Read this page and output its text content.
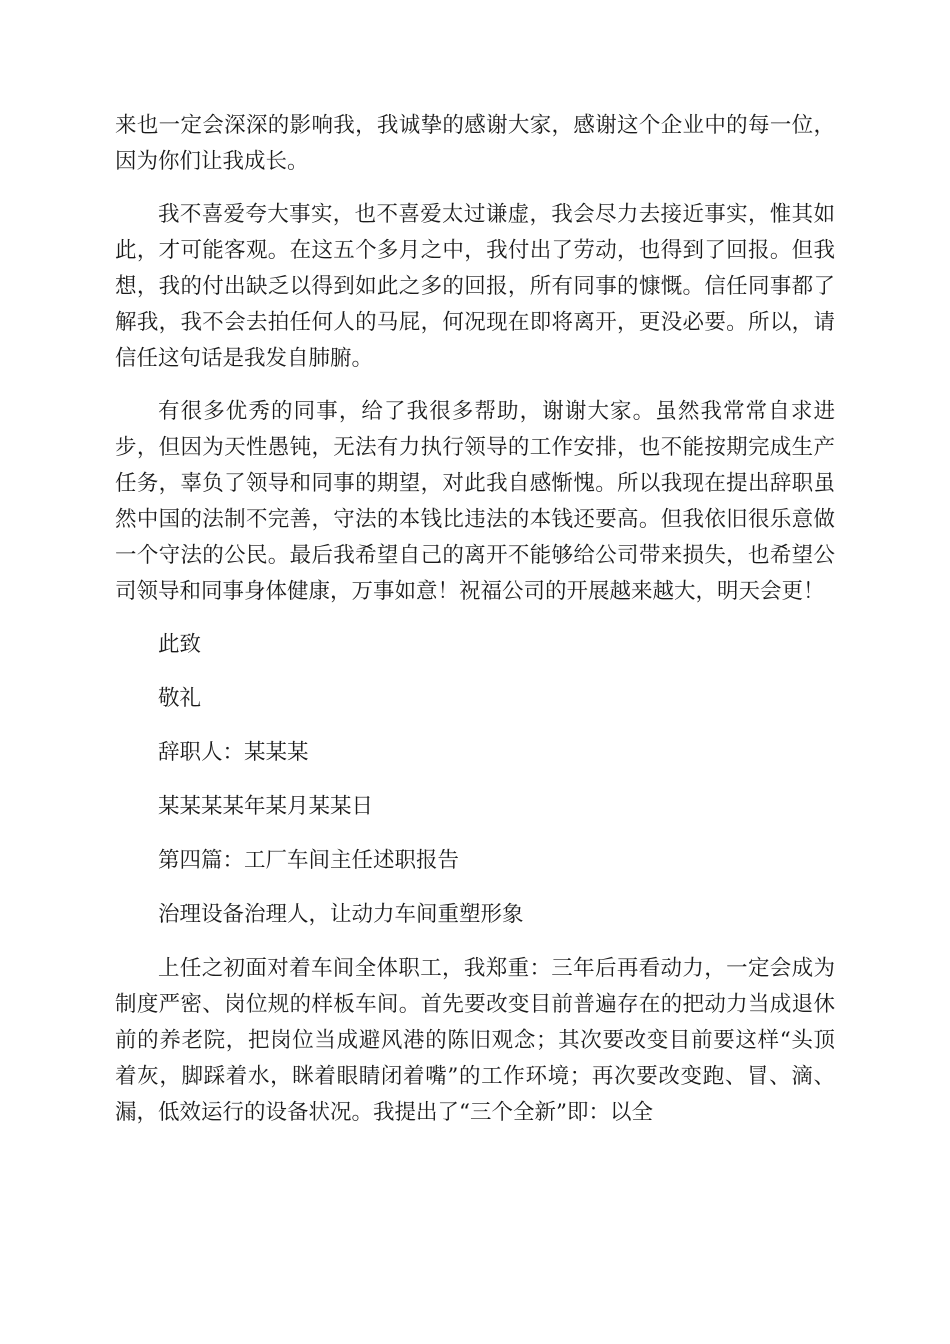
来也一定会深深的影响我，我诚挚的感谢大家，感谢这个企业中的每一位，因为你们让我成长。

我不喜爱夸大事实，也不喜爱太过谦虚，我会尽力去接近事实，惟其如此，才可能客观。在这五个多月之中，我付出了劳动，也得到了回报。但我想，我的付出缺乏以得到如此之多的回报，所有同事的慷慨。信任同事都了解我，我不会去拍任何人的马屁，何况现在即将离开，更没必要。所以，请信任这句话是我发自肺腑。

有很多优秀的同事，给了我很多帮助，谢谢大家。虽然我常常自求进步，但因为天性愚钝，无法有力执行领导的工作安排，也不能按期完成生产任务，辜负了领导和同事的期望，对此我自感惭愧。所以我现在提出辞职虽然中国的法制不完善，守法的本钱比违法的本钱还要高。但我依旧很乐意做一个守法的公民。最后我希望自己的离开不能够给公司带来损失，也希望公司领导和同事身体健康，万事如意！祝福公司的开展越来越大，明天会更！

此致

敬礼

辞职人：某某某

某某某某年某月某某日

第四篇：工厂车间主任述职报告

治理设备治理人，让动力车间重塑形象

上任之初面对着车间全体职工，我郑重：三年后再看动力，一定会成为制度严密、岗位规的样板车间。首先要改变目前普遍存在的把动力当成退休前的养老院，把岗位当成避风港的陈旧观念；其次要改变目前要这样“头顶着灰，脚踩着水，眯着眼睛闭着嘴”的工作环境；再次要改变跑、冒、滴、漏，低效运行的设备状况。我提出了“三个全新”即：以全
